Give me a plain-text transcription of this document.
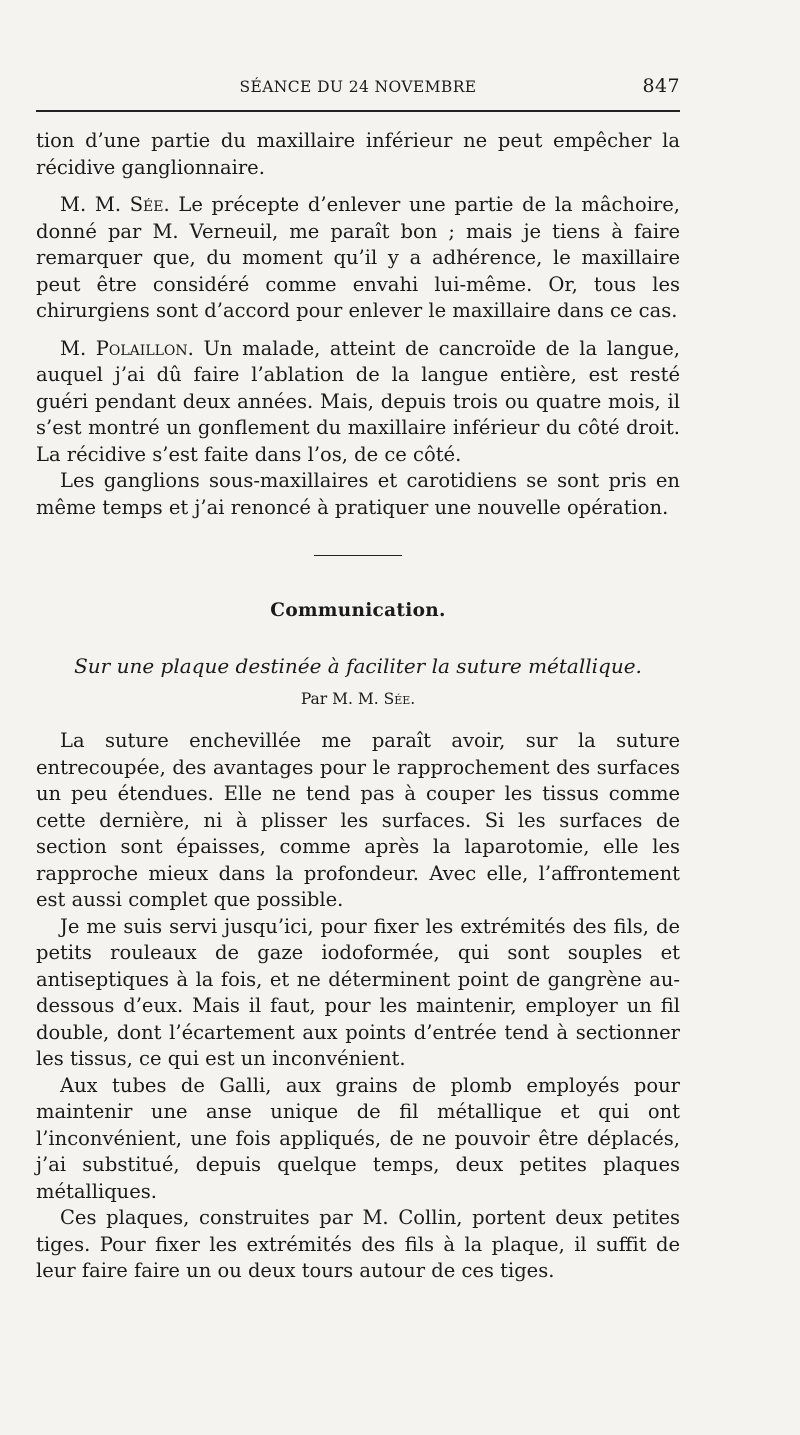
SÉANCE DU 24 NOVEMBRE	847

tion d’une partie du maxillaire inférieur ne peut empêcher la récidive ganglionnaire.

M. M. Sée. Le précepte d’enlever une partie de la mâchoire, donné par M. Verneuil, me paraît bon ; mais je tiens à faire remarquer que, du moment qu’il y a adhérence, le maxillaire peut être considéré comme envahi lui-même. Or, tous les chirurgiens sont d’accord pour enlever le maxillaire dans ce cas.

M. Polaillon. Un malade, atteint de cancroïde de la langue, auquel j’ai dû faire l’ablation de la langue entière, est resté guéri pendant deux années. Mais, depuis trois ou quatre mois, il s’est montré un gonflement du maxillaire inférieur du côté droit. La récidive s’est faite dans l’os, de ce côté.

Les ganglions sous-maxillaires et carotidiens se sont pris en même temps et j’ai renoncé à pratiquer une nouvelle opération.

Communication.
Sur une plaque destinée à faciliter la suture métallique.
Par M. M. Sée.

La suture enchevillée me paraît avoir, sur la suture entrecoupée, des avantages pour le rapprochement des surfaces un peu étendues. Elle ne tend pas à couper les tissus comme cette dernière, ni à plisser les surfaces. Si les surfaces de section sont épaisses, comme après la laparotomie, elle les rapproche mieux dans la profondeur. Avec elle, l’affrontement est aussi complet que possible.

Je me suis servi jusqu’ici, pour fixer les extrémités des fils, de petits rouleaux de gaze iodoformée, qui sont souples et antiseptiques à la fois, et ne déterminent point de gangrène au-dessous d’eux. Mais il faut, pour les maintenir, employer un fil double, dont l’écartement aux points d’entrée tend à sectionner les tissus, ce qui est un inconvénient.

Aux tubes de Galli, aux grains de plomb employés pour maintenir une anse unique de fil métallique et qui ont l’inconvénient, une fois appliqués, de ne pouvoir être déplacés, j’ai substitué, depuis quelque temps, deux petites plaques métalliques.

Ces plaques, construites par M. Collin, portent deux petites tiges. Pour fixer les extrémités des fils à la plaque, il suffit de leur faire faire un ou deux tours autour de ces tiges.
